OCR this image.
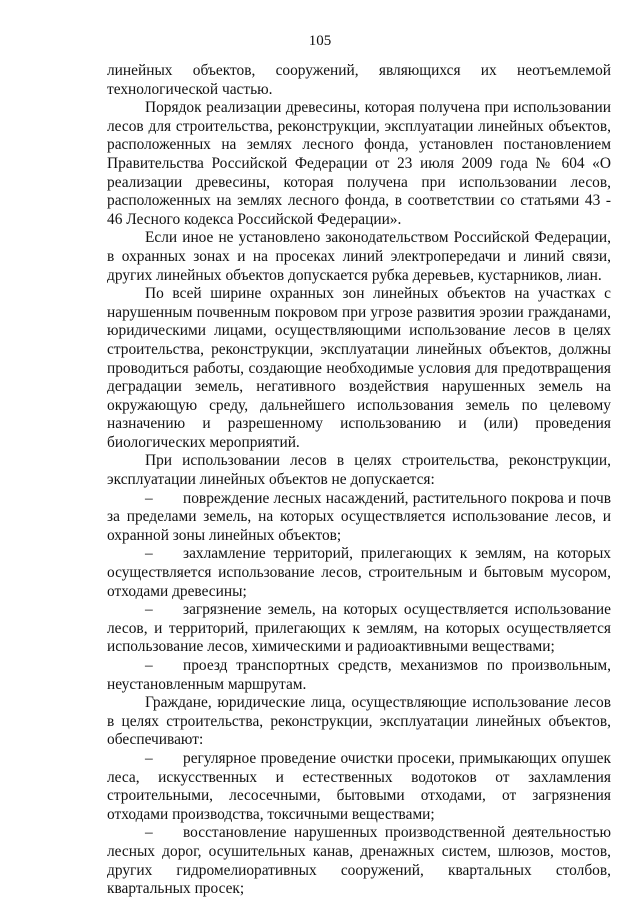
105

линейных объектов, сооружений, являющихся их неотъемлемой технологической частью.

Порядок реализации древесины, которая получена при использовании лесов для строительства, реконструкции, эксплуатации линейных объектов, расположенных на землях лесного фонда, установлен постановлением Правительства Российской Федерации от 23 июля 2009 года № 604 «О реализации древесины, которая получена при использовании лесов, расположенных на землях лесного фонда, в соответствии со статьями 43 - 46 Лесного кодекса Российской Федерации».

Если иное не установлено законодательством Российской Федерации, в охранных зонах и на просеках линий электропередачи и линий связи, других линейных объектов допускается рубка деревьев, кустарников, лиан.

По всей ширине охранных зон линейных объектов на участках с нарушенным почвенным покровом при угрозе развития эрозии гражданами, юридическими лицами, осуществляющими использование лесов в целях строительства, реконструкции, эксплуатации линейных объектов, должны проводиться работы, создающие необходимые условия для предотвращения деградации земель, негативного воздействия нарушенных земель на окружающую среду, дальнейшего использования земель по целевому назначению и разрешенному использованию и (или) проведения биологических мероприятий.

При использовании лесов в целях строительства, реконструкции, эксплуатации линейных объектов не допускается:

– повреждение лесных насаждений, растительного покрова и почв за пределами земель, на которых осуществляется использование лесов, и охранной зоны линейных объектов;

– захламление территорий, прилегающих к землям, на которых осуществляется использование лесов, строительным и бытовым мусором, отходами древесины;

– загрязнение земель, на которых осуществляется использование лесов, и территорий, прилегающих к землям, на которых осуществляется использование лесов, химическими и радиоактивными веществами;

– проезд транспортных средств, механизмов по произвольным, неустановленным маршрутам.

Граждане, юридические лица, осуществляющие использование лесов в целях строительства, реконструкции, эксплуатации линейных объектов, обеспечивают:

– регулярное проведение очистки просеки, примыкающих опушек леса, искусственных и естественных водотоков от захламления строительными, лесосечными, бытовыми отходами, от загрязнения отходами производства, токсичными веществами;

– восстановление нарушенных производственной деятельностью лесных дорог, осушительных канав, дренажных систем, шлюзов, мостов, других гидромелиоративных сооружений, квартальных столбов, квартальных просек;
